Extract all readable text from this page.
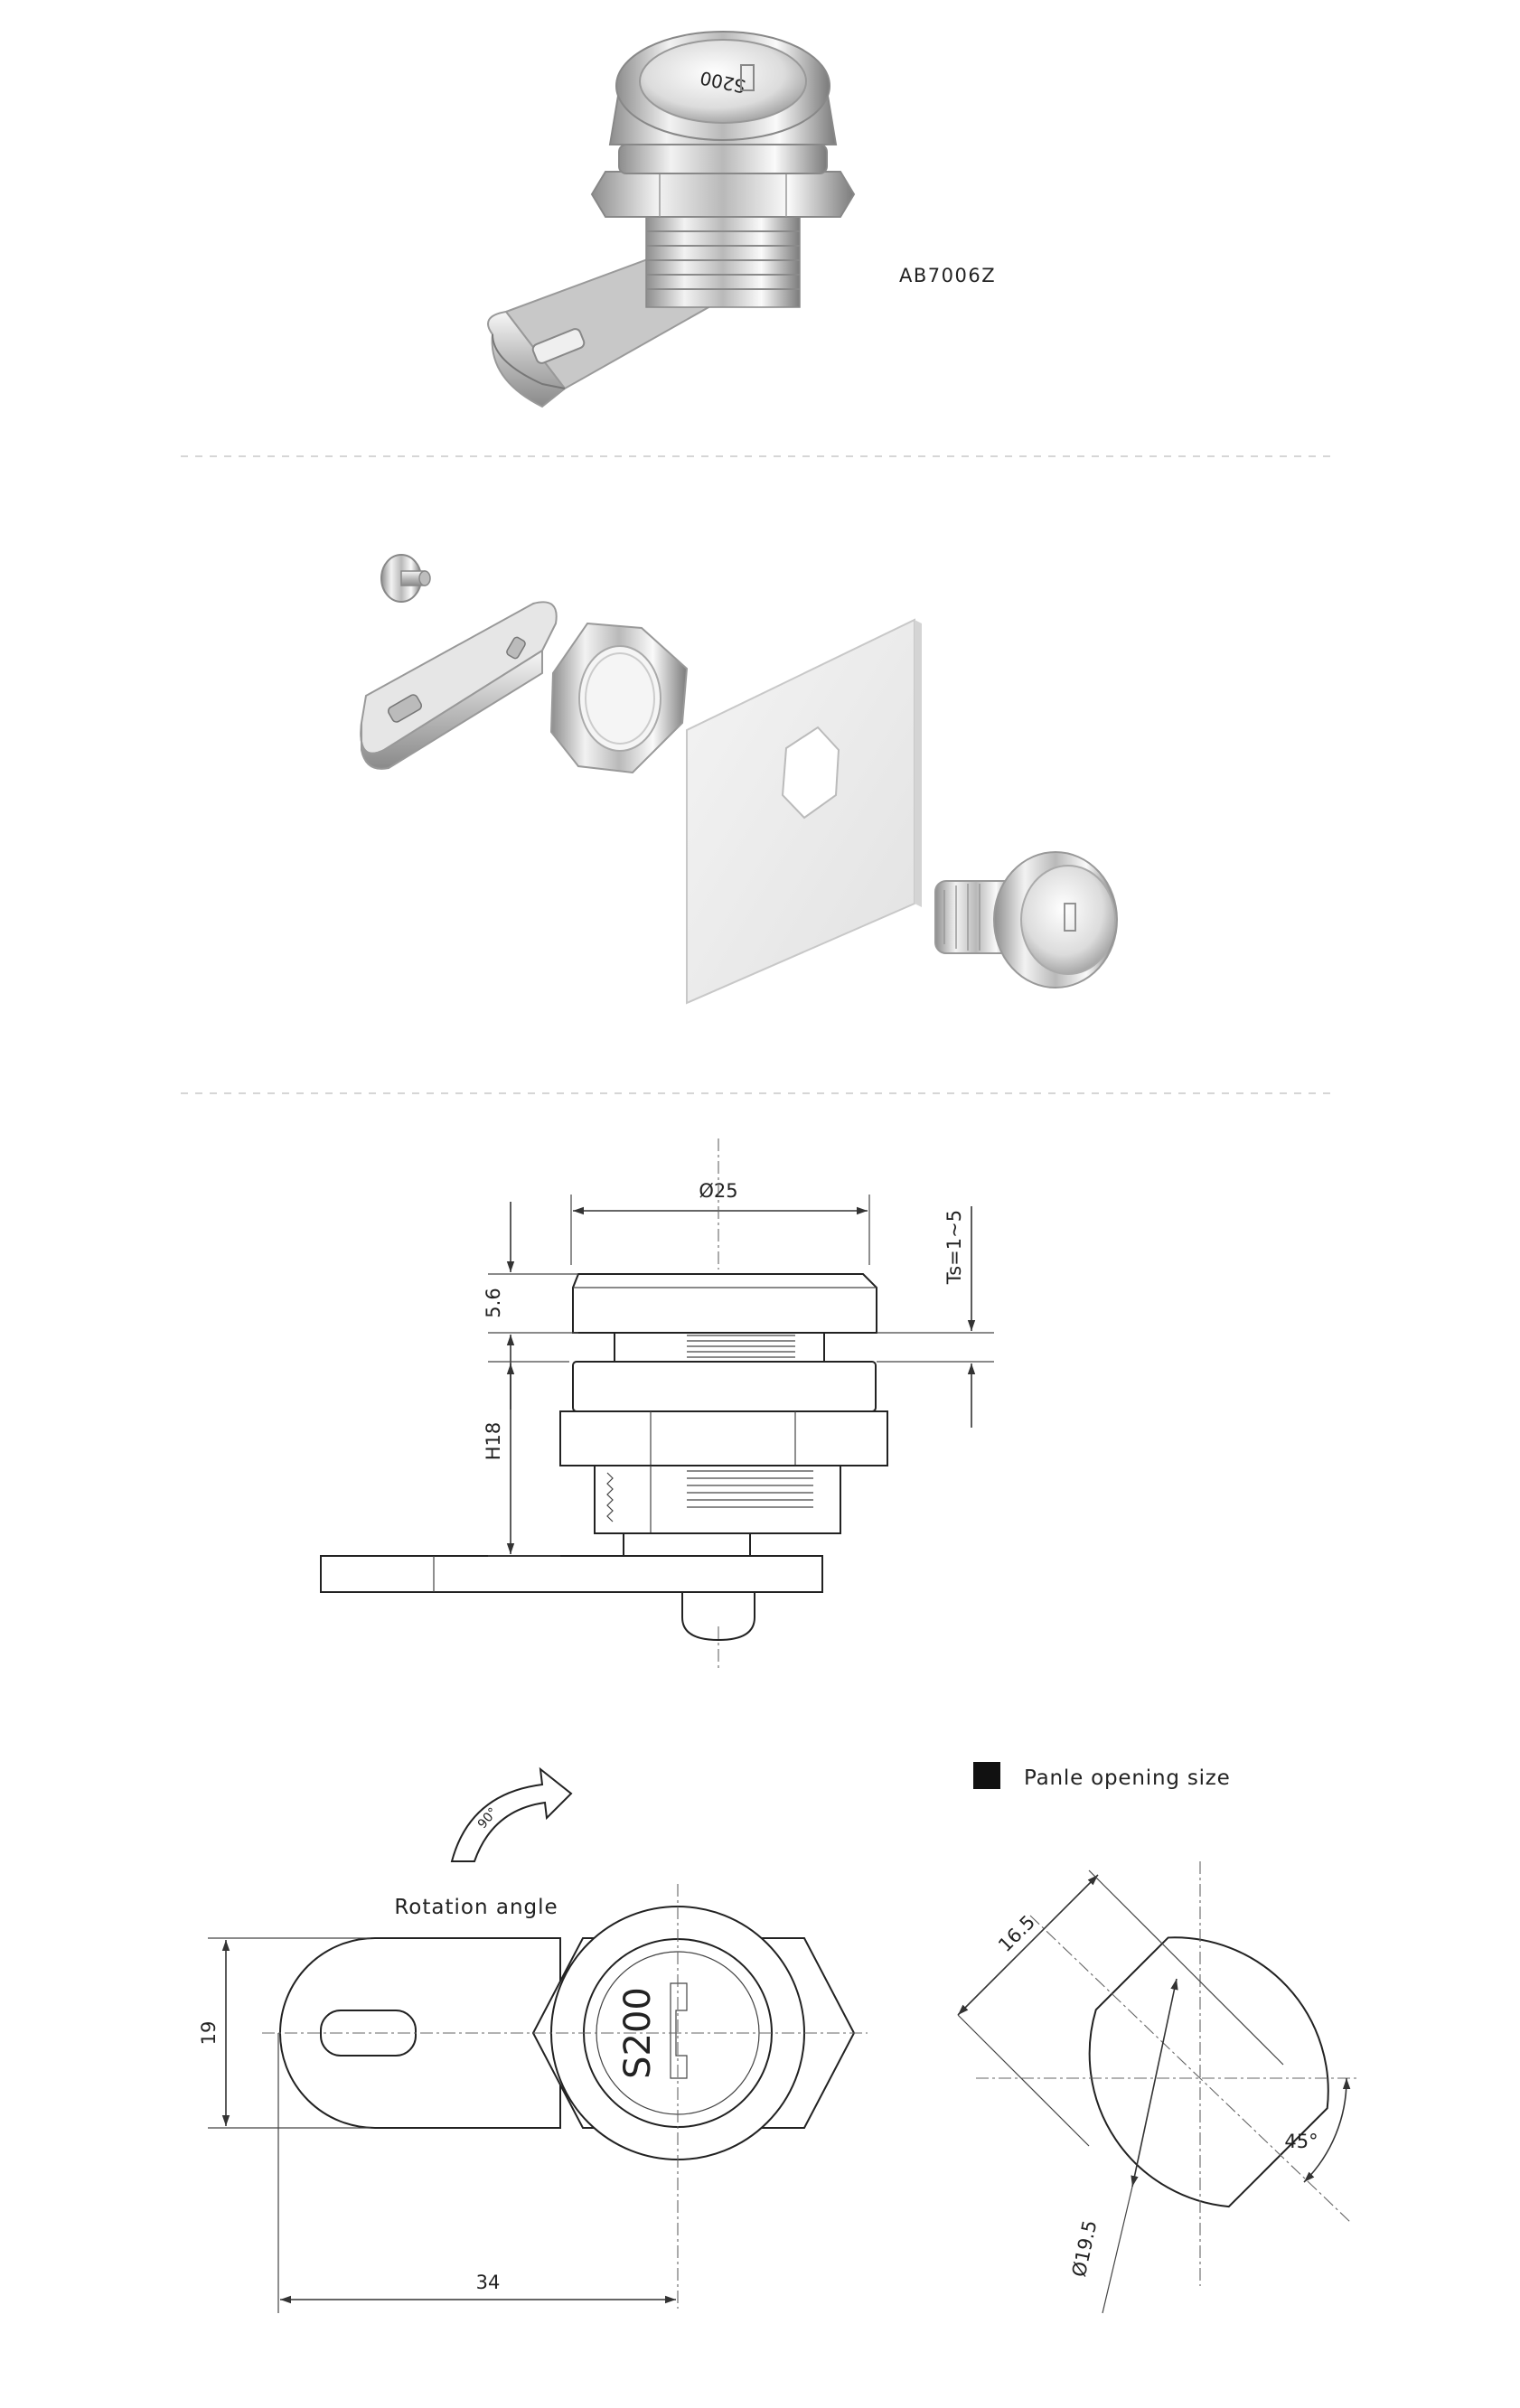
S200
AB7006Z
Ø25
5.6
H18
Ts=1~5
90°
Rotation angle
S200
19
34
Panle opening size
16.5
Ø19.5
45°
